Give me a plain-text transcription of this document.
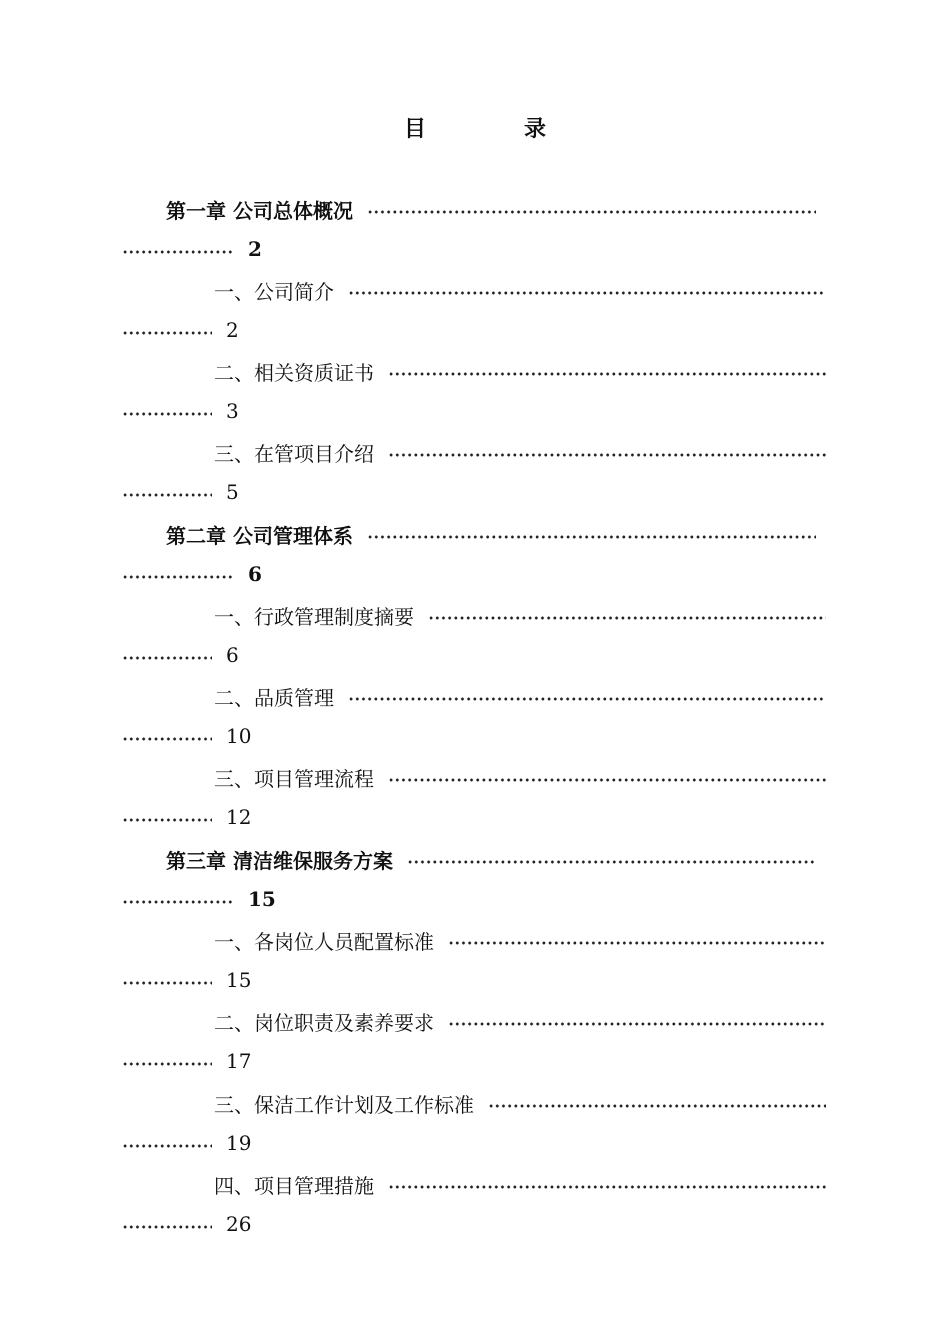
目　录
第一章 公司总体概况
2
一、公司简介
2
二、相关资质证书
3
三、在管项目介绍
5
第二章 公司管理体系
6
一、行政管理制度摘要
6
二、品质管理
10
三、项目管理流程
12
第三章 清洁维保服务方案
15
一、各岗位人员配置标准
15
二、岗位职责及素养要求
17
三、保洁工作计划及工作标准
19
四、项目管理措施
26
